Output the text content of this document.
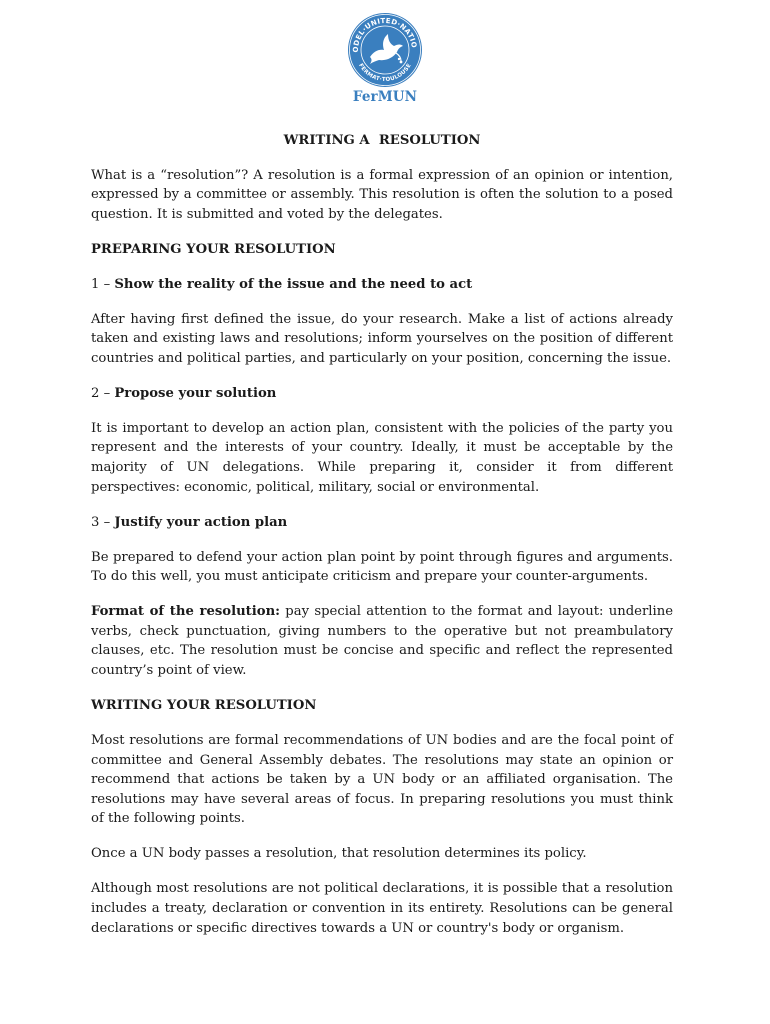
ODEL·UNITED·NATIO
FERMAT·TOULOUSE
FerMUN
WRITING A  RESOLUTION

What is a “resolution”? A resolution is a formal expression of an opinion or intention, expressed by a committee or assembly. This resolution is often the solution to a posed question. It is submitted and voted by the delegates.

PREPARING YOUR RESOLUTION
1 – Show the reality of the issue and the need to act

After having first defined the issue, do your research. Make a list of actions already taken and existing laws and resolutions; inform yourselves on the position of different countries and political parties, and particularly on your position, concerning the issue.

2 – Propose your solution

It is important to develop an action plan, consistent with the policies of the party you represent and the interests of your country. Ideally, it must be acceptable by the majority of UN delegations. While preparing it, consider it from different perspectives: economic, political, military, social or environmental.

3 – Justify your action plan

Be prepared to defend your action plan point by point through figures and arguments. To do this well, you must anticipate criticism and prepare your counter-arguments.

Format of the resolution: pay special attention to the format and layout: underline verbs, check punctuation, giving numbers to the operative but not preambulatory clauses, etc. The resolution must be concise and specific and reflect the represented country’s point of view.

WRITING YOUR RESOLUTION

Most resolutions are formal recommendations of UN bodies and are the focal point of committee and General Assembly debates. The resolutions may state an opinion or recommend that actions be taken by a UN body or an affiliated organisation. The resolutions may have several areas of focus. In preparing resolutions you must think of the following points.

Once a UN body passes a resolution, that resolution determines its policy.

Although most resolutions are not political declarations, it is possible that a resolution includes a treaty, declaration or convention in its entirety. Resolutions can be general declarations or specific directives towards a UN or country's body or organism.
